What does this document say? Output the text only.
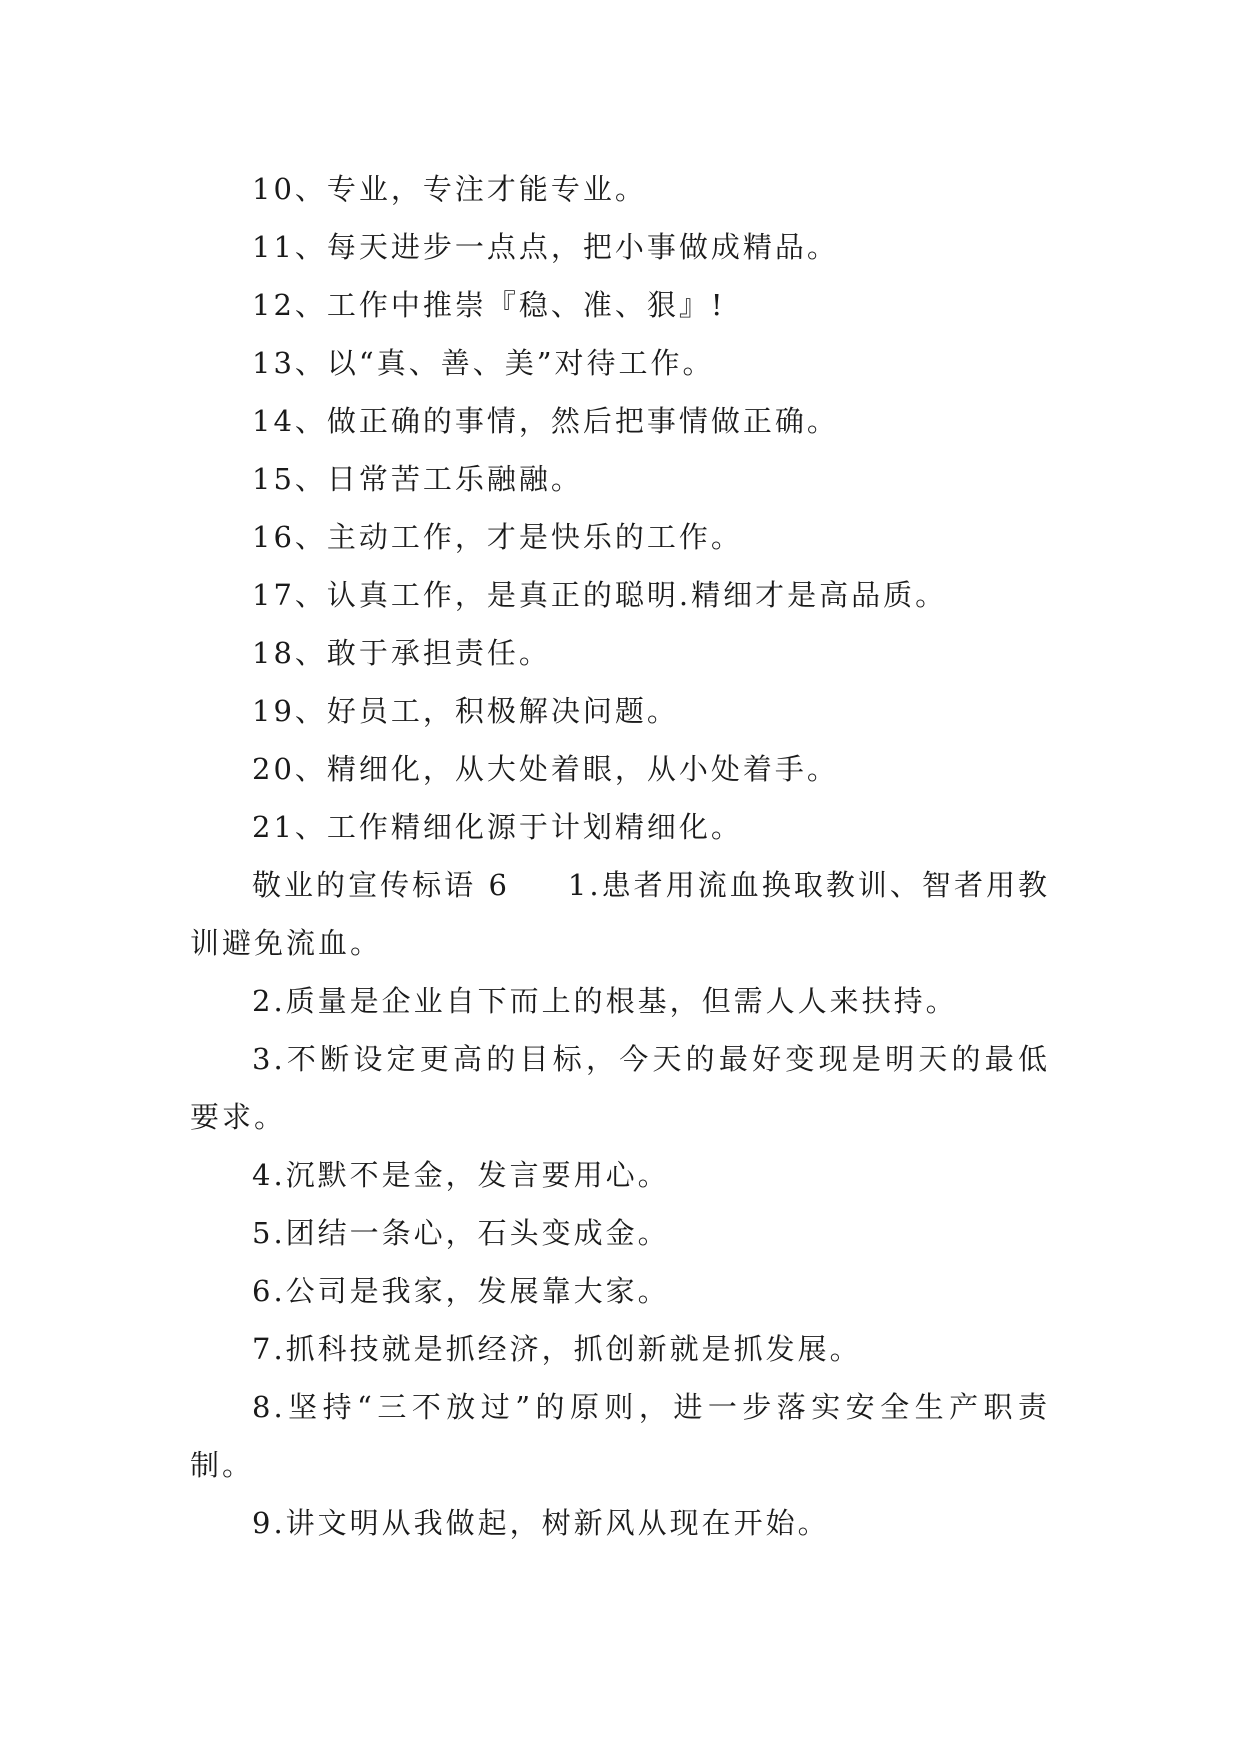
10、专业，专注才能专业。

11、每天进步一点点，把小事做成精品。

12、工作中推崇『稳、准、狠』!

13、以“真、善、美”对待工作。

14、做正确的事情，然后把事情做正确。

15、日常苦工乐融融。

16、主动工作，才是快乐的工作。

17、认真工作，是真正的聪明.精细才是高品质。

18、敢于承担责任。

19、好员工，积极解决问题。

20、精细化，从大处着眼，从小处着手。

21、工作精细化源于计划精细化。

敬业的宣传标语 6 1.患者用流血换取教训、智者用教训避免流血。

2.质量是企业自下而上的根基，但需人人来扶持。

3.不断设定更高的目标，今天的最好变现是明天的最低要求。

4.沉默不是金，发言要用心。

5.团结一条心，石头变成金。

6.公司是我家，发展靠大家。

7.抓科技就是抓经济，抓创新就是抓发展。

8.坚持“三不放过”的原则，进一步落实安全生产职责制。

9.讲文明从我做起，树新风从现在开始。
